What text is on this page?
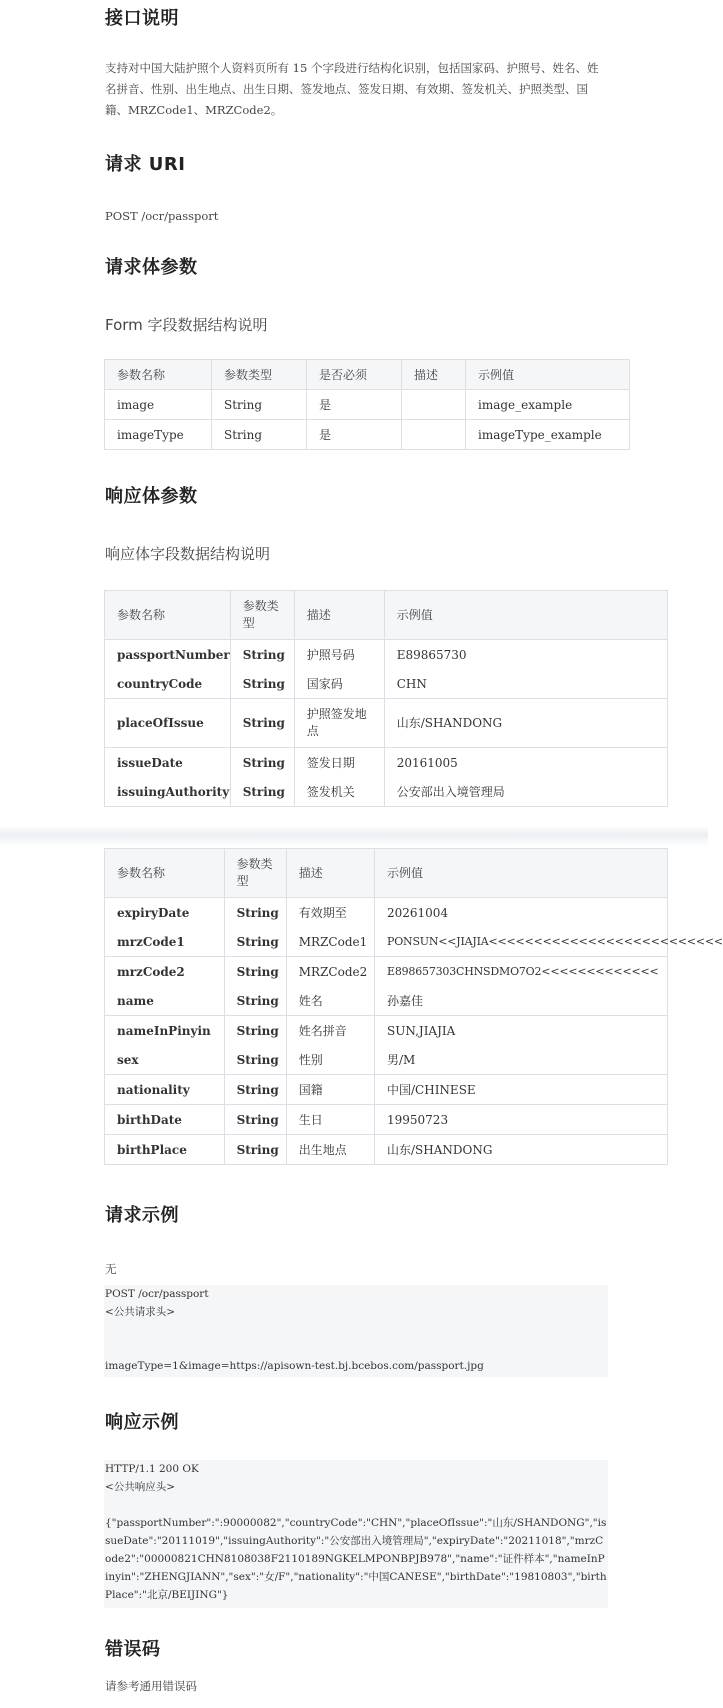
接口说明

支持对中国大陆护照个人资料页所有 15 个字段进行结构化识别，包括国家码、护照号、姓名、姓名拼音、性别、出生地点、出生日期、签发地点、签发日期、有效期、签发机关、护照类型、国籍、MRZCode1、MRZCode2。

请求 URI

POST /ocr/passport

请求体参数

Form 字段数据结构说明

参数名称	参数类型	是否必须	描述	示例值
image	String	是		image_example
imageType	String	是		imageType_example
响应体参数

响应体字段数据结构说明

参数名称	参数类型	描述	示例值
passportNumber	String	护照号码	E89865730
countryCode	String	国家码	CHN
placeOfIssue	String	护照签发地点	山东/SHANDONG
issueDate	String	签发日期	20161005
issuingAuthority	String	签发机关	公安部出入境管理局
参数名称	参数类型	描述	示例值
expiryDate	String	有效期至	20261004
mrzCode1	String	MRZCode1	PONSUN<<JIAJIA<<<<<<<<<<<<<<<<<<<<<<<<<<
mrzCode2	String	MRZCode2	E898657303CHNSDMO7O2<<<<<<<<<<<<<
name	String	姓名	孙嘉佳
nameInPinyin	String	姓名拼音	SUN,JIAJIA
sex	String	性别	男/M
nationality	String	国籍	中国/CHINESE
birthDate	String	生日	19950723
birthPlace	String	出生地点	山东/SHANDONG
请求示例

无

POST /ocr/passport
<公共请求头>
imageType=1&image=https://apisown-test.bj.bcebos.com/passport.jpg
响应示例
HTTP/1.1 200 OK
<公共响应头>
{"passportNumber":":90000082","countryCode":"CHN","placeOfIssue":"山东/SHANDONG","issueDate":"20111019","issuingAuthority":"公安部出入境管理局","expiryDate":"20211018","mrzCode2":"00000821CHN8108038F2110189NGKELMPONBPJB978","name":"证件样本","nameInPinyin":"ZHENGJIANN","sex":"女/F","nationality":"中国CANESE","birthDate":"19810803","birthPlace":"北京/BEIJING"}
错误码

请参考通用错误码
